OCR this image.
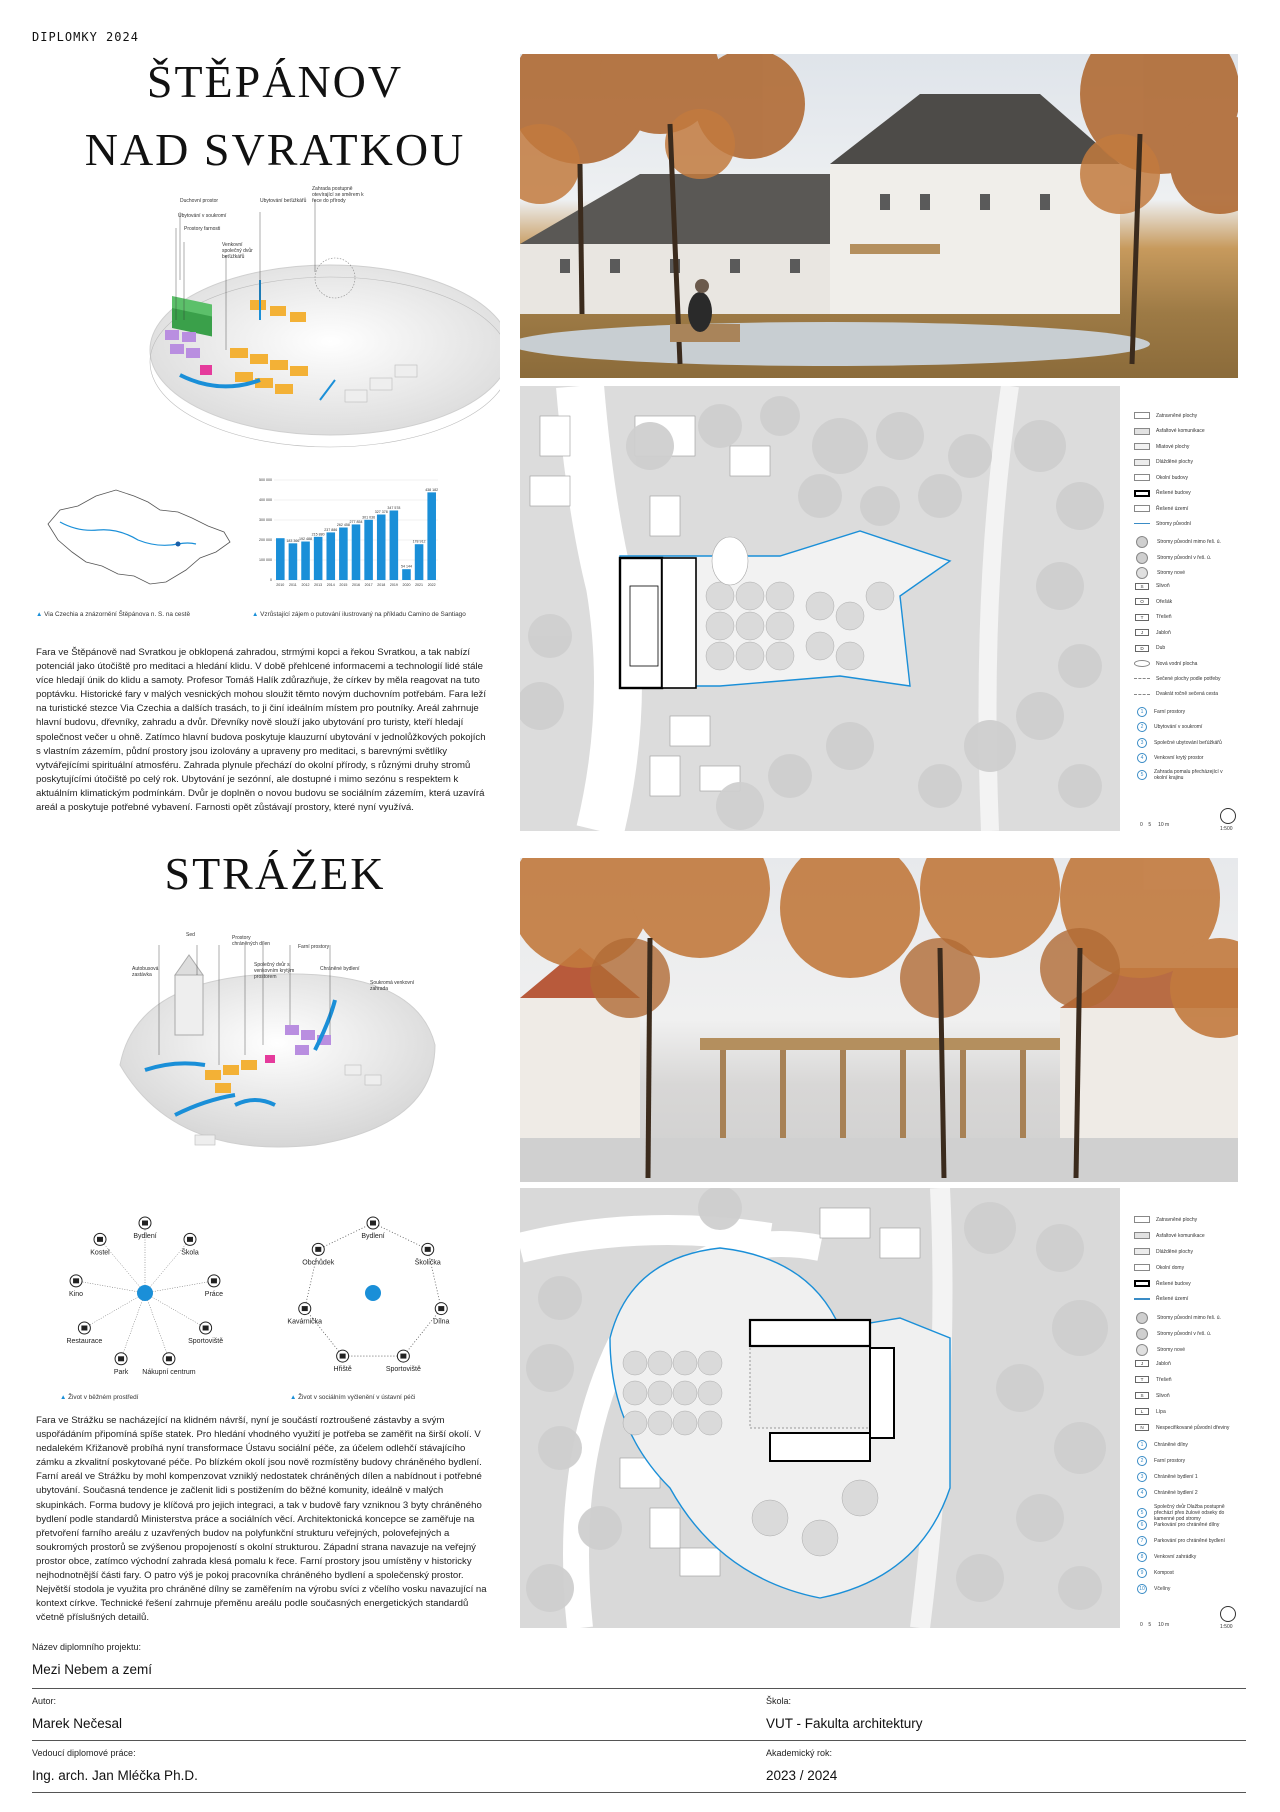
DIPLOMKY 2024
ŠTĚPÁNOV
NAD SVRATKOU
Duchovní prostor
Ubytování v soukromí
Prostory farnosti
Venkovní společný dvůr beťúžkářů
Ubytování beťúžkářů
Zahrada postupně otevírající se směrem k řece do přírody
0
100 000
200 000
300 000
400 000
500 000
2010
183 366
2011
192 488
2012
215 880
2013
237 886
2014
262 458
2015
277 854
2016
301 036
2017
327 378
2018
347 578
2019
54 144
2020
178 912
2021
438 182
2022
▲ Via Czechia a znázornění Štěpánova n. S. na cestě	▲ Vzrůstající zájem o putování ilustrovaný na příkladu Camino de Santiago
Fara ve Štěpánově nad Svratkou je obklopená zahradou, strmými kopci a řekou Svratkou, a tak nabízí potenciál jako útočiště pro meditaci a hledání klidu. V době přehlcené informacemi a technologií lidé stále více hledají únik do klidu a samoty. Profesor Tomáš Halík zdůrazňuje, že církev by měla reagovat na tuto poptávku. Historické fary v malých vesnických mohou sloužit těmto novým duchovním potřebám. Fara leží na turistické stezce Via Czechia a dalších trasách, to ji činí ideálním místem pro poutníky. Areál zahrnuje hlavní budovu, dřevníky, zahradu a dvůr. Dřevníky nově slouží jako ubytování pro turisty, kteří hledají společnost večer u ohně. Zatímco hlavní budova poskytuje klauzurní ubytování v jednolůžkových pokojích s vlastním zázemím, půdní prostory jsou izolovány a upraveny pro meditaci, s barevnými světlíky vytvářejícími spirituální atmosféru. Zahrada plynule přechází do okolní přírody, s různými druhy stromů poskytujícími útočiště po celý rok. Ubytování je sezónní, ale dostupné i mimo sezónu s respektem k aktuálním klimatickým podmínkám. Dvůr je doplněn o novou budovu se sociálním zázemím, která uzavírá areál a poskytuje potřebné vybavení. Farnosti opět zůstávají prostory, které nyní využívá.
Zatravněné plochy
Asfaltové komunikace
Mlatové plochy
Dlážděné plochy
Okolní budovy
Řešené budovy
Řešené území
Stromy původní
Stromy původní mimo řeš. ú.
Stromy původní v řeš. ú.
Stromy nové
S	Slivoň
O	Ořešák
T	Třešeň
J	Jabloň
D	Dub
Nová vodní plocha
Sečené plochy podle potřeby
Dvakrát ročně sečená cesta
1	Farní prostory
2	Ubytování v soukromí
3	Společné ubytování beťúžkářů
4	Venkovní krytý prostor
5	Zahrada pomalu přecházející v okolní krajinu
0 5 10 m
1:500
STRÁŽEK
Sed
Autobusová zastávka
Prostory chráněných dílen
Společný dvůr s venkovním krytým prostorem
Farní prostory
Chráněné bydlení
Soukromá venkovní zahrada
Bydlení
Škola
Práce
Sportoviště
Nákupní centrum
Park
Restaurace
Kino
Kostel
▲ Život v běžném prostředí
Bydlení
Školička
Dílna
Sportoviště
Hřiště
Kavárnička
Obchůdek
▲ Život v sociálním vyčlenění v ústavní péči
Fara ve Strážku se nacházející na klidném návrší, nyní je součástí roztroušené zástavby a svým uspořádáním připomíná spíše statek. Pro hledání vhodného využití je potřeba se zaměřit na širší okolí. V nedalekém Křižanově probíhá nyní transformace Ústavu sociální péče, za účelem odlehčí stávajícího zámku a zkvalitní poskytované péče. Po blízkém okolí jsou nově rozmístěny budovy chráněného bydlení. Farní areál ve Strážku by mohl kompenzovat vzniklý nedostatek chráněných dílen a nabídnout i potřebné ubytování. Současná tendence je začlenit lidi s postižením do běžné komunity, ideálně v malých skupinkách. Forma budovy je klíčová pro jejich integraci, a tak v budově fary vzniknou 3 byty chráněného bydlení podle standardů Ministerstva práce a sociálních věcí. Architektonická koncepce se zaměřuje na přetvoření farního areálu z uzavřených budov na polyfunkční strukturu veřejných, polovefejných a soukromých prostorů se zvýšenou propojeností s okolní strukturou. Západní strana navazuje na veřejný prostor obce, zatímco východní zahrada klesá pomalu k řece. Farní prostory jsou umístěny v historicky nejhodnotnější části fary. O patro výš je pokoj pracovníka chráněného bydlení a společenský prostor. Největší stodola je využita pro chráněné dílny se zaměřením na výrobu svíci z včelího vosku navazující na kontext církve. Technické řešení zahrnuje přeměnu areálu podle současných energetických standardů včetně příslušných detailů.
Zatravněné plochy
Asfaltové komunikace
Dlážděné plochy
Okolní domy
Řešené budovy
Řešené území
Stromy původní mimo řeš. ú.
Stromy původní v řeš. ú.
Stromy nové
J	Jabloň
T	Třešeň
S	Slivoň
L	Lípa
N	Nespecifikované původní dřeviny
1	Chráněné dílny
2	Farní prostory
3	Chráněné bydlení 1
4	Chráněné bydlení 2
5
Společný dvůr Dlažba postupně přechází přes žulové odseky do kamenné pod stromy
6	Parkování pro chráněné dílny
7	Parkování pro chráněné bydlení
8	Venkovní zahrádky
9	Kompost
10	Včelíny
0 5 10 m	1:500
Název diplomního projektu:
Mezi Nebem a zemí
Autor:
Marek Nečesal
Škola:
VUT - Fakulta architektury
Vedoucí diplomové práce:
Ing. arch. Jan Mléčka Ph.D.
Akademický rok:
2023 / 2024
